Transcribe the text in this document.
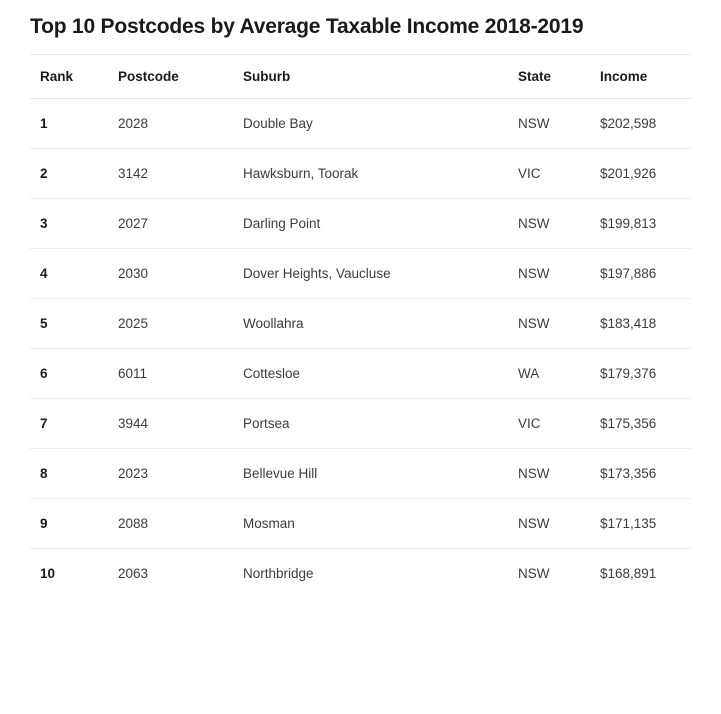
Top 10 Postcodes by Average Taxable Income 2018-2019
Rank	Postcode	Suburb	State	Income
1	2028	Double Bay	NSW	$202,598
2	3142	Hawksburn, Toorak	VIC	$201,926
3	2027	Darling Point	NSW	$199,813
4	2030	Dover Heights, Vaucluse	NSW	$197,886
5	2025	Woollahra	NSW	$183,418
6	6011	Cottesloe	WA	$179,376
7	3944	Portsea	VIC	$175,356
8	2023	Bellevue Hill	NSW	$173,356
9	2088	Mosman	NSW	$171,135
10	2063	Northbridge	NSW	$168,891
